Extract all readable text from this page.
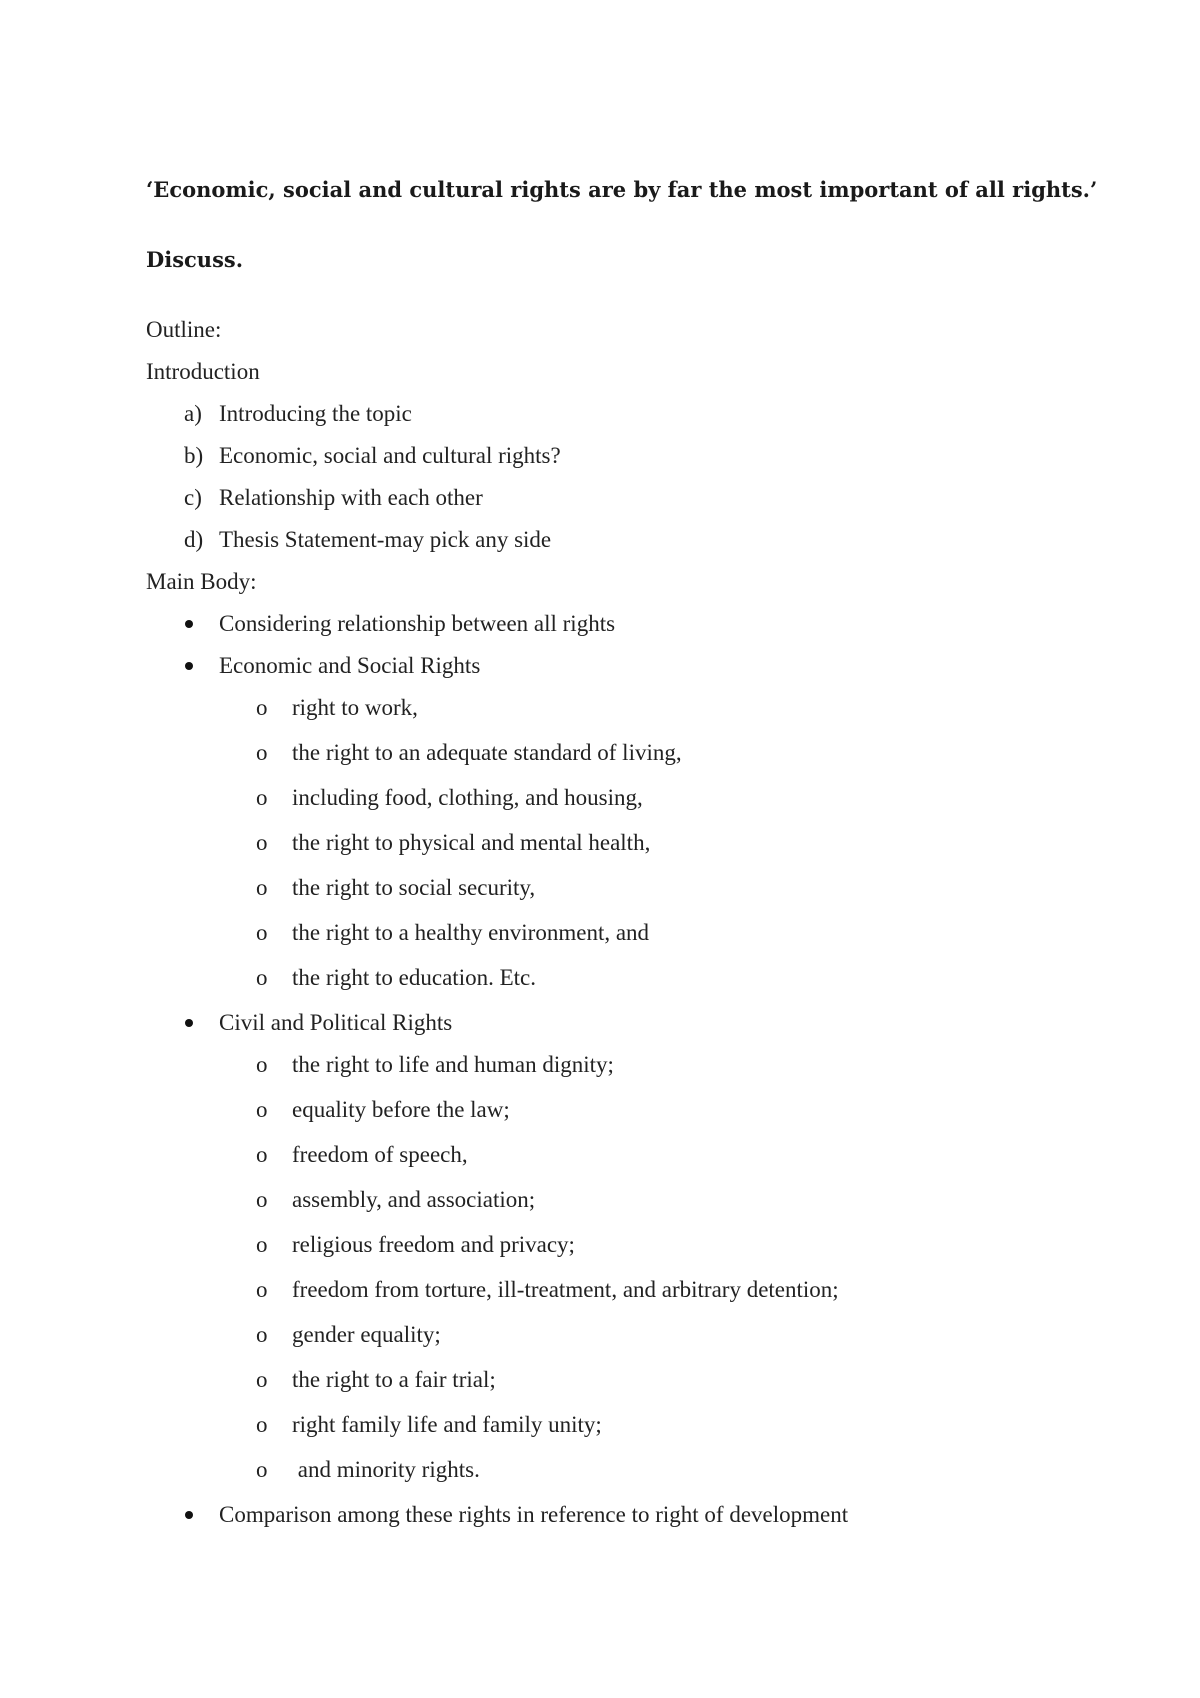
‘Economic, social and cultural rights are by far the most important of all rights.’
Discuss.
Outline:
Introduction
a) Introducing the topic
b) Economic, social and cultural rights?
c) Relationship with each other
d) Thesis Statement-may pick any side
Main Body:
Considering relationship between all rights
Economic and Social Rights
o right to work,
o the right to an adequate standard of living,
o including food, clothing, and housing,
o the right to physical and mental health,
o the right to social security,
o the right to a healthy environment, and
o the right to education. Etc.
Civil and Political Rights
o the right to life and human dignity;
o equality before the law;
o freedom of speech,
o assembly, and association;
o religious freedom and privacy;
o freedom from torture, ill-treatment, and arbitrary detention;
o gender equality;
o the right to a fair trial;
o right family life and family unity;
o and minority rights.
Comparison among these rights in reference to right of development
